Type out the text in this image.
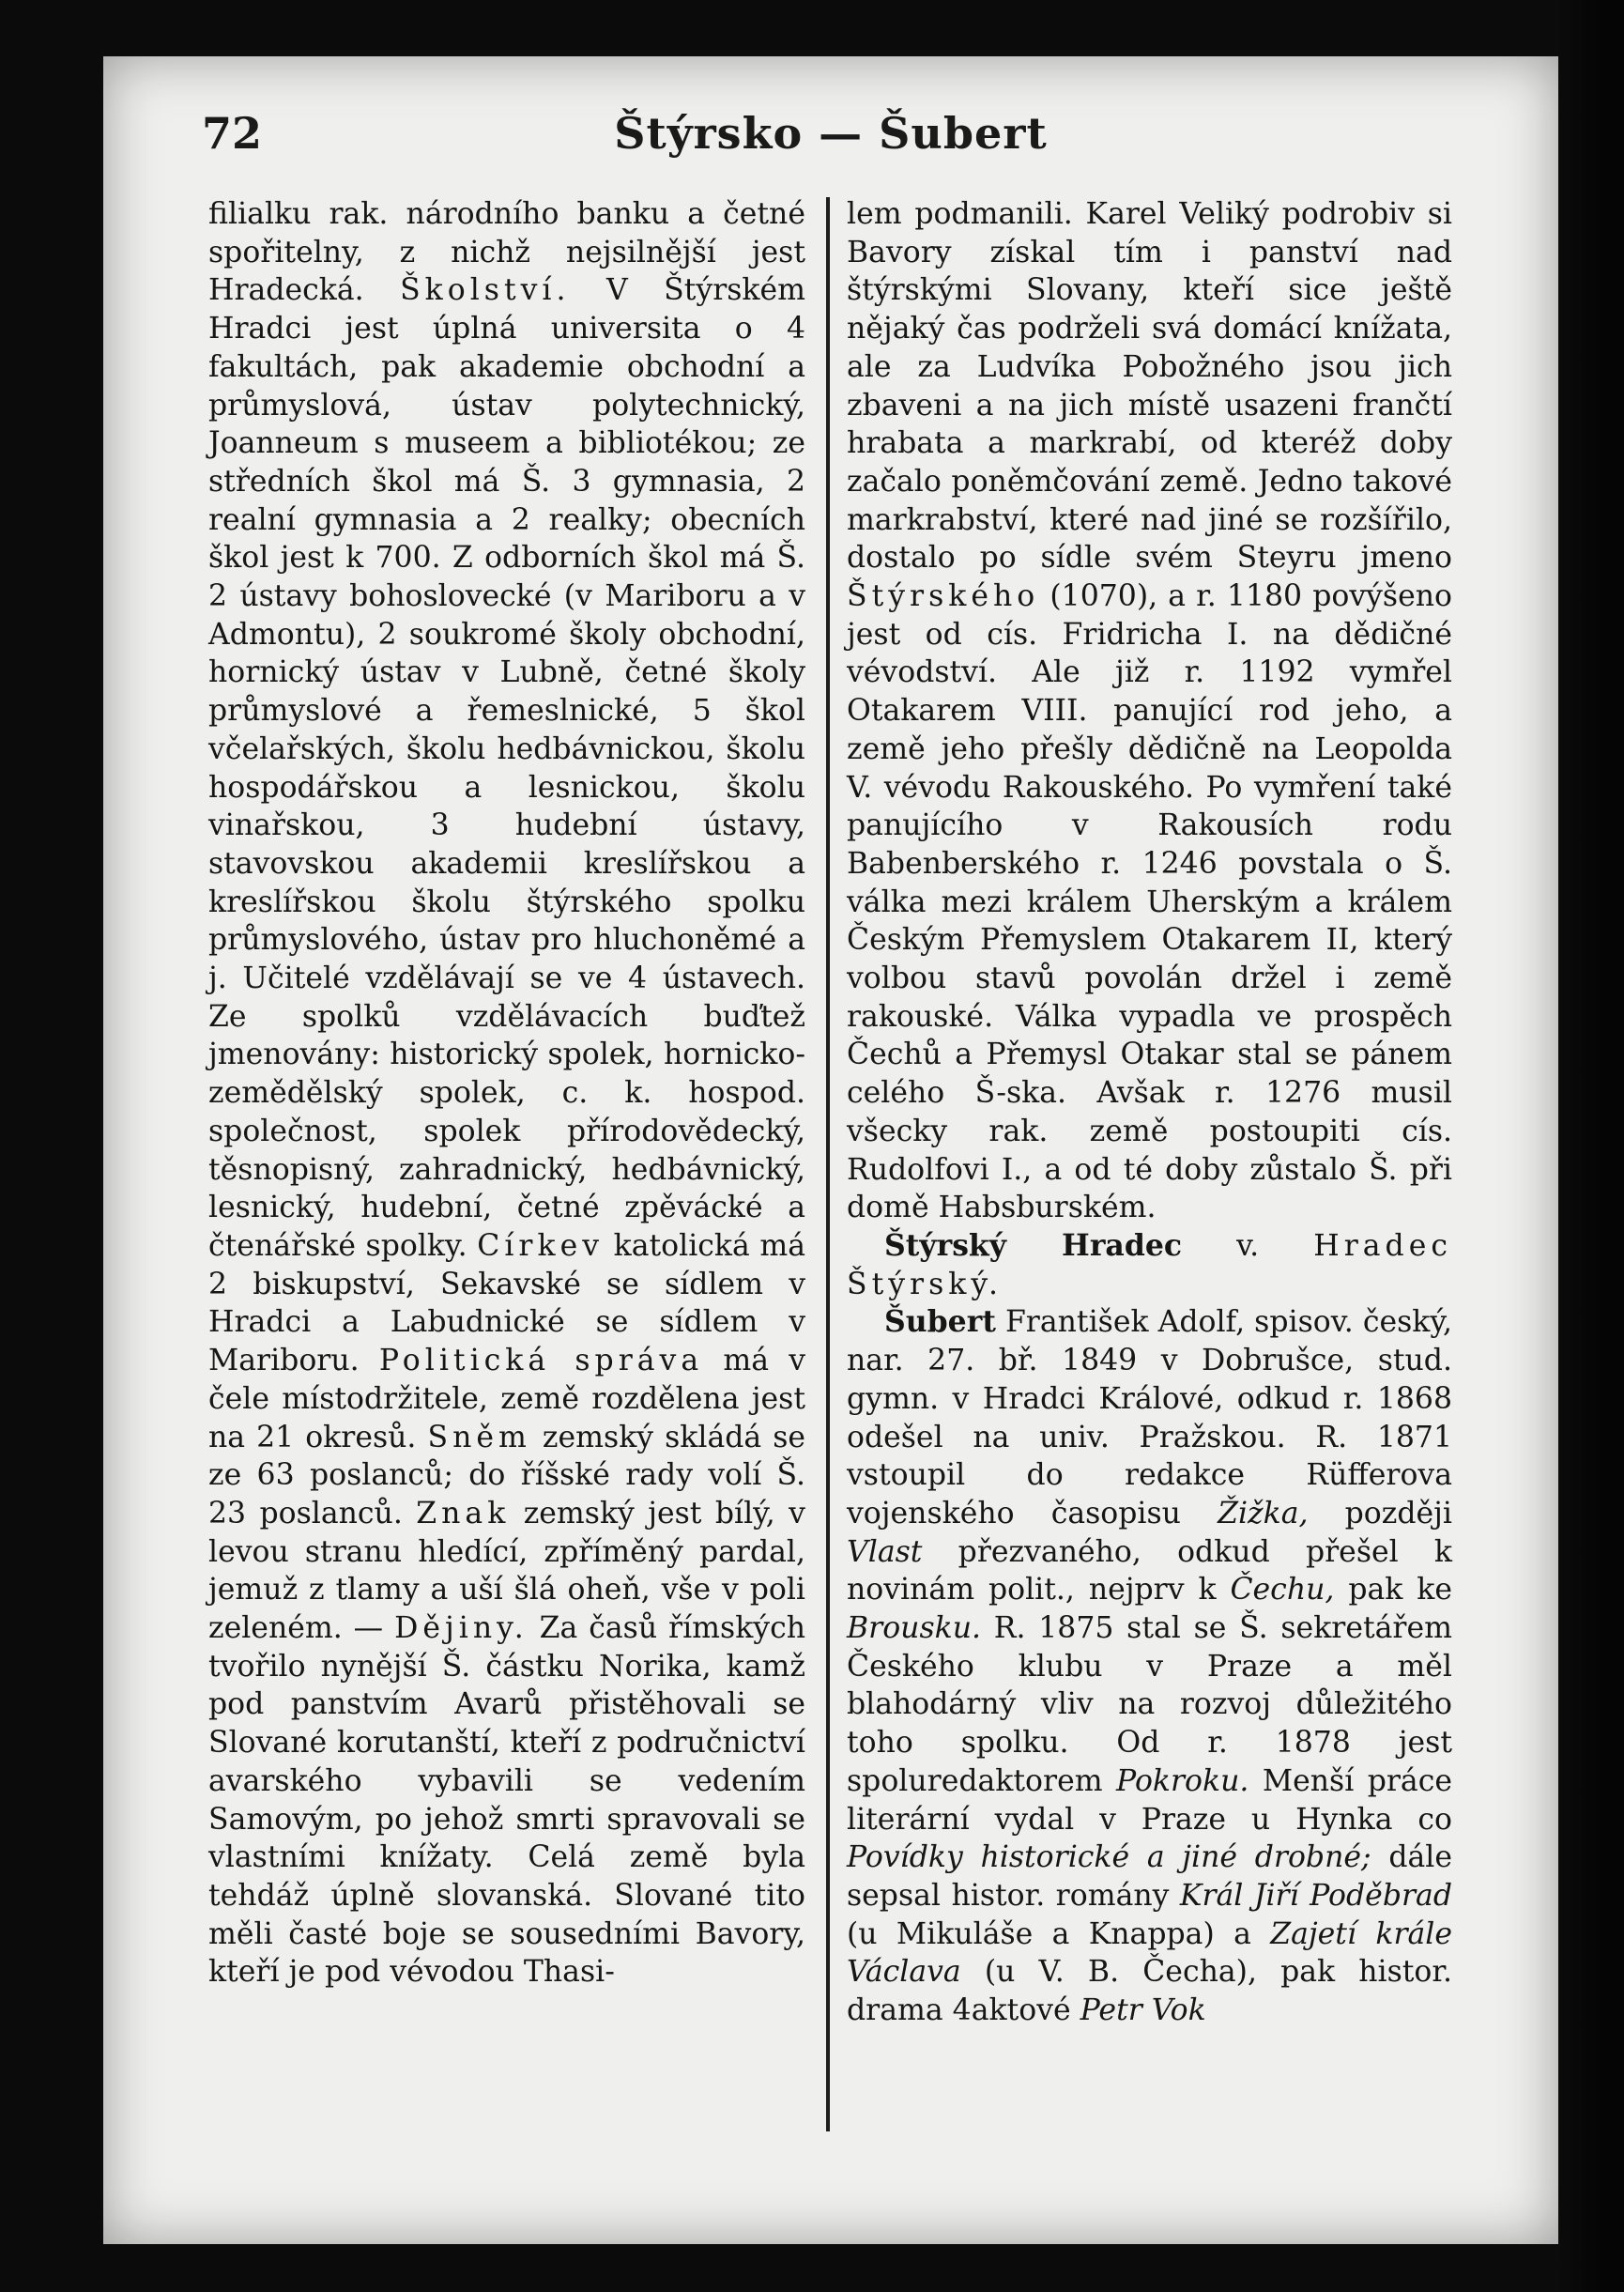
72	Štýrsko — Šubert

filialku rak. národního banku a četné spořitelny, z nichž nejsilnější jest Hradecká. Školství. V Štýrském Hradci jest úplná universita o 4 fakultách, pak akademie obchodní a průmyslová, ústav polytechnický, Joanneum s museem a bibliotékou; ze středních škol má Š. 3 gymnasia, 2 realní gymnasia a 2 realky; obecních škol jest k 700. Z odborních škol má Š. 2 ústavy bohoslovecké (v Mariboru a v Admontu), 2 soukromé školy obchodní, hornický ústav v Lubně, četné školy průmyslové a řemeslnické, 5 škol včelařských, školu hedbávnickou, školu hospodářskou a lesnickou, školu vinařskou, 3 hudební ústavy, stavovskou akademii kreslířskou a kreslířskou školu štýrského spolku průmyslového, ústav pro hluchoněmé a j. Učitelé vzdělávají se ve 4 ústavech. Ze spolků vzdělávacích buďtež jmenovány: historický spolek, hornicko-zemědělský spolek, c. k. hospod. společnost, spolek přírodovědecký, těsnopisný, zahradnický, hedbávnický, lesnický, hudební, četné zpěvácké a čtenářské spolky. Církev katolická má 2 biskupství, Sekavské se sídlem v Hradci a Labudnické se sídlem v Mariboru. Politická správa má v čele místodržitele, země rozdělena jest na 21 okresů. Sněm zemský skládá se ze 63 poslanců; do říšské rady volí Š. 23 poslanců. Znak zemský jest bílý, v levou stranu hledící, zpříměný pardal, jemuž z tlamy a uší šlá oheň, vše v poli zeleném. — Dějiny. Za časů římských tvořilo nynější Š. částku Norika, kamž pod panstvím Avarů přistěhovali se Slované korutanští, kteří z područnictví avarského vybavili se vedením Samovým, po jehož smrti spravovali se vlastními knížaty. Celá země byla tehdáž úplně slovanská. Slované tito měli časté boje se sousedními Bavory, kteří je pod vévodou Thasi-

lem podmanili. Karel Veliký podrobiv si Bavory získal tím i panství nad štýrskými Slovany, kteří sice ještě nějaký čas podrželi svá domácí knížata, ale za Ludvíka Pobožného jsou jich zbaveni a na jich místě usazeni frančtí hrabata a markrabí, od kteréž doby začalo poněmčování země. Jedno takové markrabství, které nad jiné se rozšířilo, dostalo po sídle svém Steyru jmeno Štýrského (1070), a r. 1180 povýšeno jest od cís. Fridricha I. na dědičné vévodství. Ale již r. 1192 vymřel Otakarem VIII. panující rod jeho, a země jeho přešly dědičně na Leopolda V. vévodu Rakouského. Po vymření také panujícího v Rakousích rodu Babenberského r. 1246 povstala o Š. válka mezi králem Uherským a králem Českým Přemyslem Otakarem II, který volbou stavů povolán držel i země rakouské. Válka vypadla ve prospěch Čechů a Přemysl Otakar stal se pánem celého Š-ska. Avšak r. 1276 musil všecky rak. země postoupiti cís. Rudolfovi I., a od té doby zůstalo Š. při domě Habsburském.

Štýrský Hradec v. Hradec Štýrský.

Šubert František Adolf, spisov. český, nar. 27. bř. 1849 v Dobrušce, stud. gymn. v Hradci Králové, odkud r. 1868 odešel na univ. Pražskou. R. 1871 vstoupil do redakce Rüfferova vojenského časopisu Žižka, později Vlast přezvaného, odkud přešel k novinám polit., nejprv k Čechu, pak ke Brousku. R. 1875 stal se Š. sekretářem Českého klubu v Praze a měl blahodárný vliv na rozvoj důležitého toho spolku. Od r. 1878 jest spoluredaktorem Pokroku. Menší práce literární vydal v Praze u Hynka co Povídky historické a jiné drobné; dále sepsal histor. romány Král Jiří Poděbrad (u Mikuláše a Knappa) a Zajetí krále Václava (u V. B. Čecha), pak histor. drama 4aktové Petr Vok
